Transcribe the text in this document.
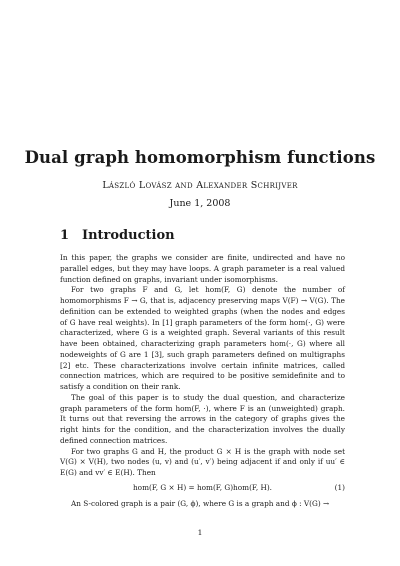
Dual graph homomorphism functions
László Lovász and Alexander Schrijver
June 1, 2008
1 Introduction

In this paper, the graphs we consider are finite, undirected and have no parallel edges, but they may have loops. A graph parameter is a real valued function defined on graphs, invariant under isomorphisms.

For two graphs F and G, let hom(F, G) denote the number of homomorphisms F → G, that is, adjacency preserving maps V(F) → V(G). The definition can be extended to weighted graphs (when the nodes and edges of G have real weights). In [1] graph parameters of the form hom(·, G) were characterized, where G is a weighted graph. Several variants of this result have been obtained, characterizing graph parameters hom(·, G) where all nodeweights of G are 1 [3], such graph parameters defined on multigraphs [2] etc. These characterizations involve certain infinite matrices, called connection matrices, which are required to be positive semidefinite and to satisfy a condition on their rank.

The goal of this paper is to study the dual question, and characterize graph parameters of the form hom(F, ·), where F is an (unweighted) graph. It turns out that reversing the arrows in the category of graphs gives the right hints for the condition, and the characterization involves the dually defined connection matrices.

For two graphs G and H, the product G × H is the graph with node set V(G) × V(H), two nodes (u, v) and (u′, v′) being adjacent if and only if uu′ ∈ E(G) and vv′ ∈ E(H). Then

hom(F, G × H) = hom(F, G)hom(F, H).	(1)

An S-colored graph is a pair (G, ϕ), where G is a graph and ϕ : V(G) →

1
